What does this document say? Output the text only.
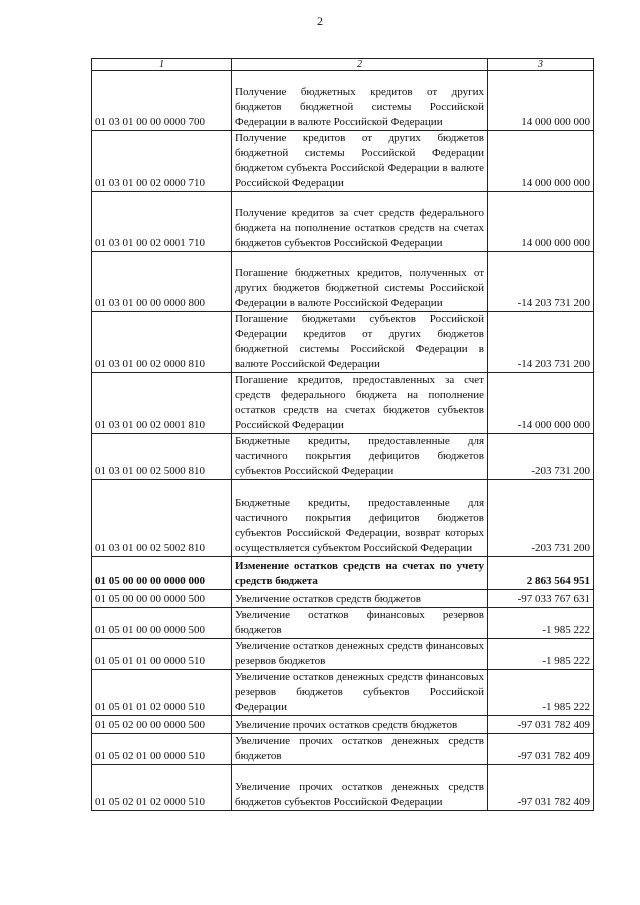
2
1	2	3
01 03 01 00 00 0000 700	Получение бюджетных кредитов от других бюджетов бюджетной системы Российской Федерации в валюте Российской Федерации	14 000 000 000
01 03 01 00 02 0000 710	Получение кредитов от других бюджетов бюджетной системы Российской Федерации бюджетом субъекта Российской Федерации в валюте Российской Федерации	14 000 000 000
01 03 01 00 02 0001 710	Получение кредитов за счет средств федерального бюджета на пополнение остатков средств на счетах бюджетов субъектов Российской Федерации	14 000 000 000
01 03 01 00 00 0000 800	Погашение бюджетных кредитов, полученных от других бюджетов бюджетной системы Российской Федерации в валюте Российской Федерации	-14 203 731 200
01 03 01 00 02 0000 810	Погашение бюджетами субъектов Российской Федерации кредитов от других бюджетов бюджетной системы Российской Федерации в валюте Российской Федерации	-14 203 731 200
01 03 01 00 02 0001 810	Погашение кредитов, предоставленных за счет средств федерального бюджета на пополнение остатков средств на счетах бюджетов субъектов Российской Федерации	-14 000 000 000
01 03 01 00 02 5000 810	Бюджетные кредиты, предоставленные для частичного покрытия дефицитов бюджетов субъектов Российской Федерации	-203 731 200
01 03 01 00 02 5002 810	Бюджетные кредиты, предоставленные для частичного покрытия дефицитов бюджетов субъектов Российской Федерации, возврат которых осуществляется субъектом Российской Федерации	-203 731 200
01 05 00 00 00 0000 000	Изменение остатков средств на счетах по учету средств бюджета	2 863 564 951
01 05 00 00 00 0000 500	Увеличение остатков средств бюджетов	-97 033 767 631
01 05 01 00 00 0000 500	Увеличение остатков финансовых резервов бюджетов	-1 985 222
01 05 01 01 00 0000 510	Увеличение остатков денежных средств финансовых резервов бюджетов	-1 985 222
01 05 01 01 02 0000 510	Увеличение остатков денежных средств финансовых резервов бюджетов субъектов Российской Федерации	-1 985 222
01 05 02 00 00 0000 500	Увеличение прочих остатков средств бюджетов	-97 031 782 409
01 05 02 01 00 0000 510	Увеличение прочих остатков денежных средств бюджетов	-97 031 782 409
01 05 02 01 02 0000 510	Увеличение прочих остатков денежных средств бюджетов субъектов Российской Федерации	-97 031 782 409
